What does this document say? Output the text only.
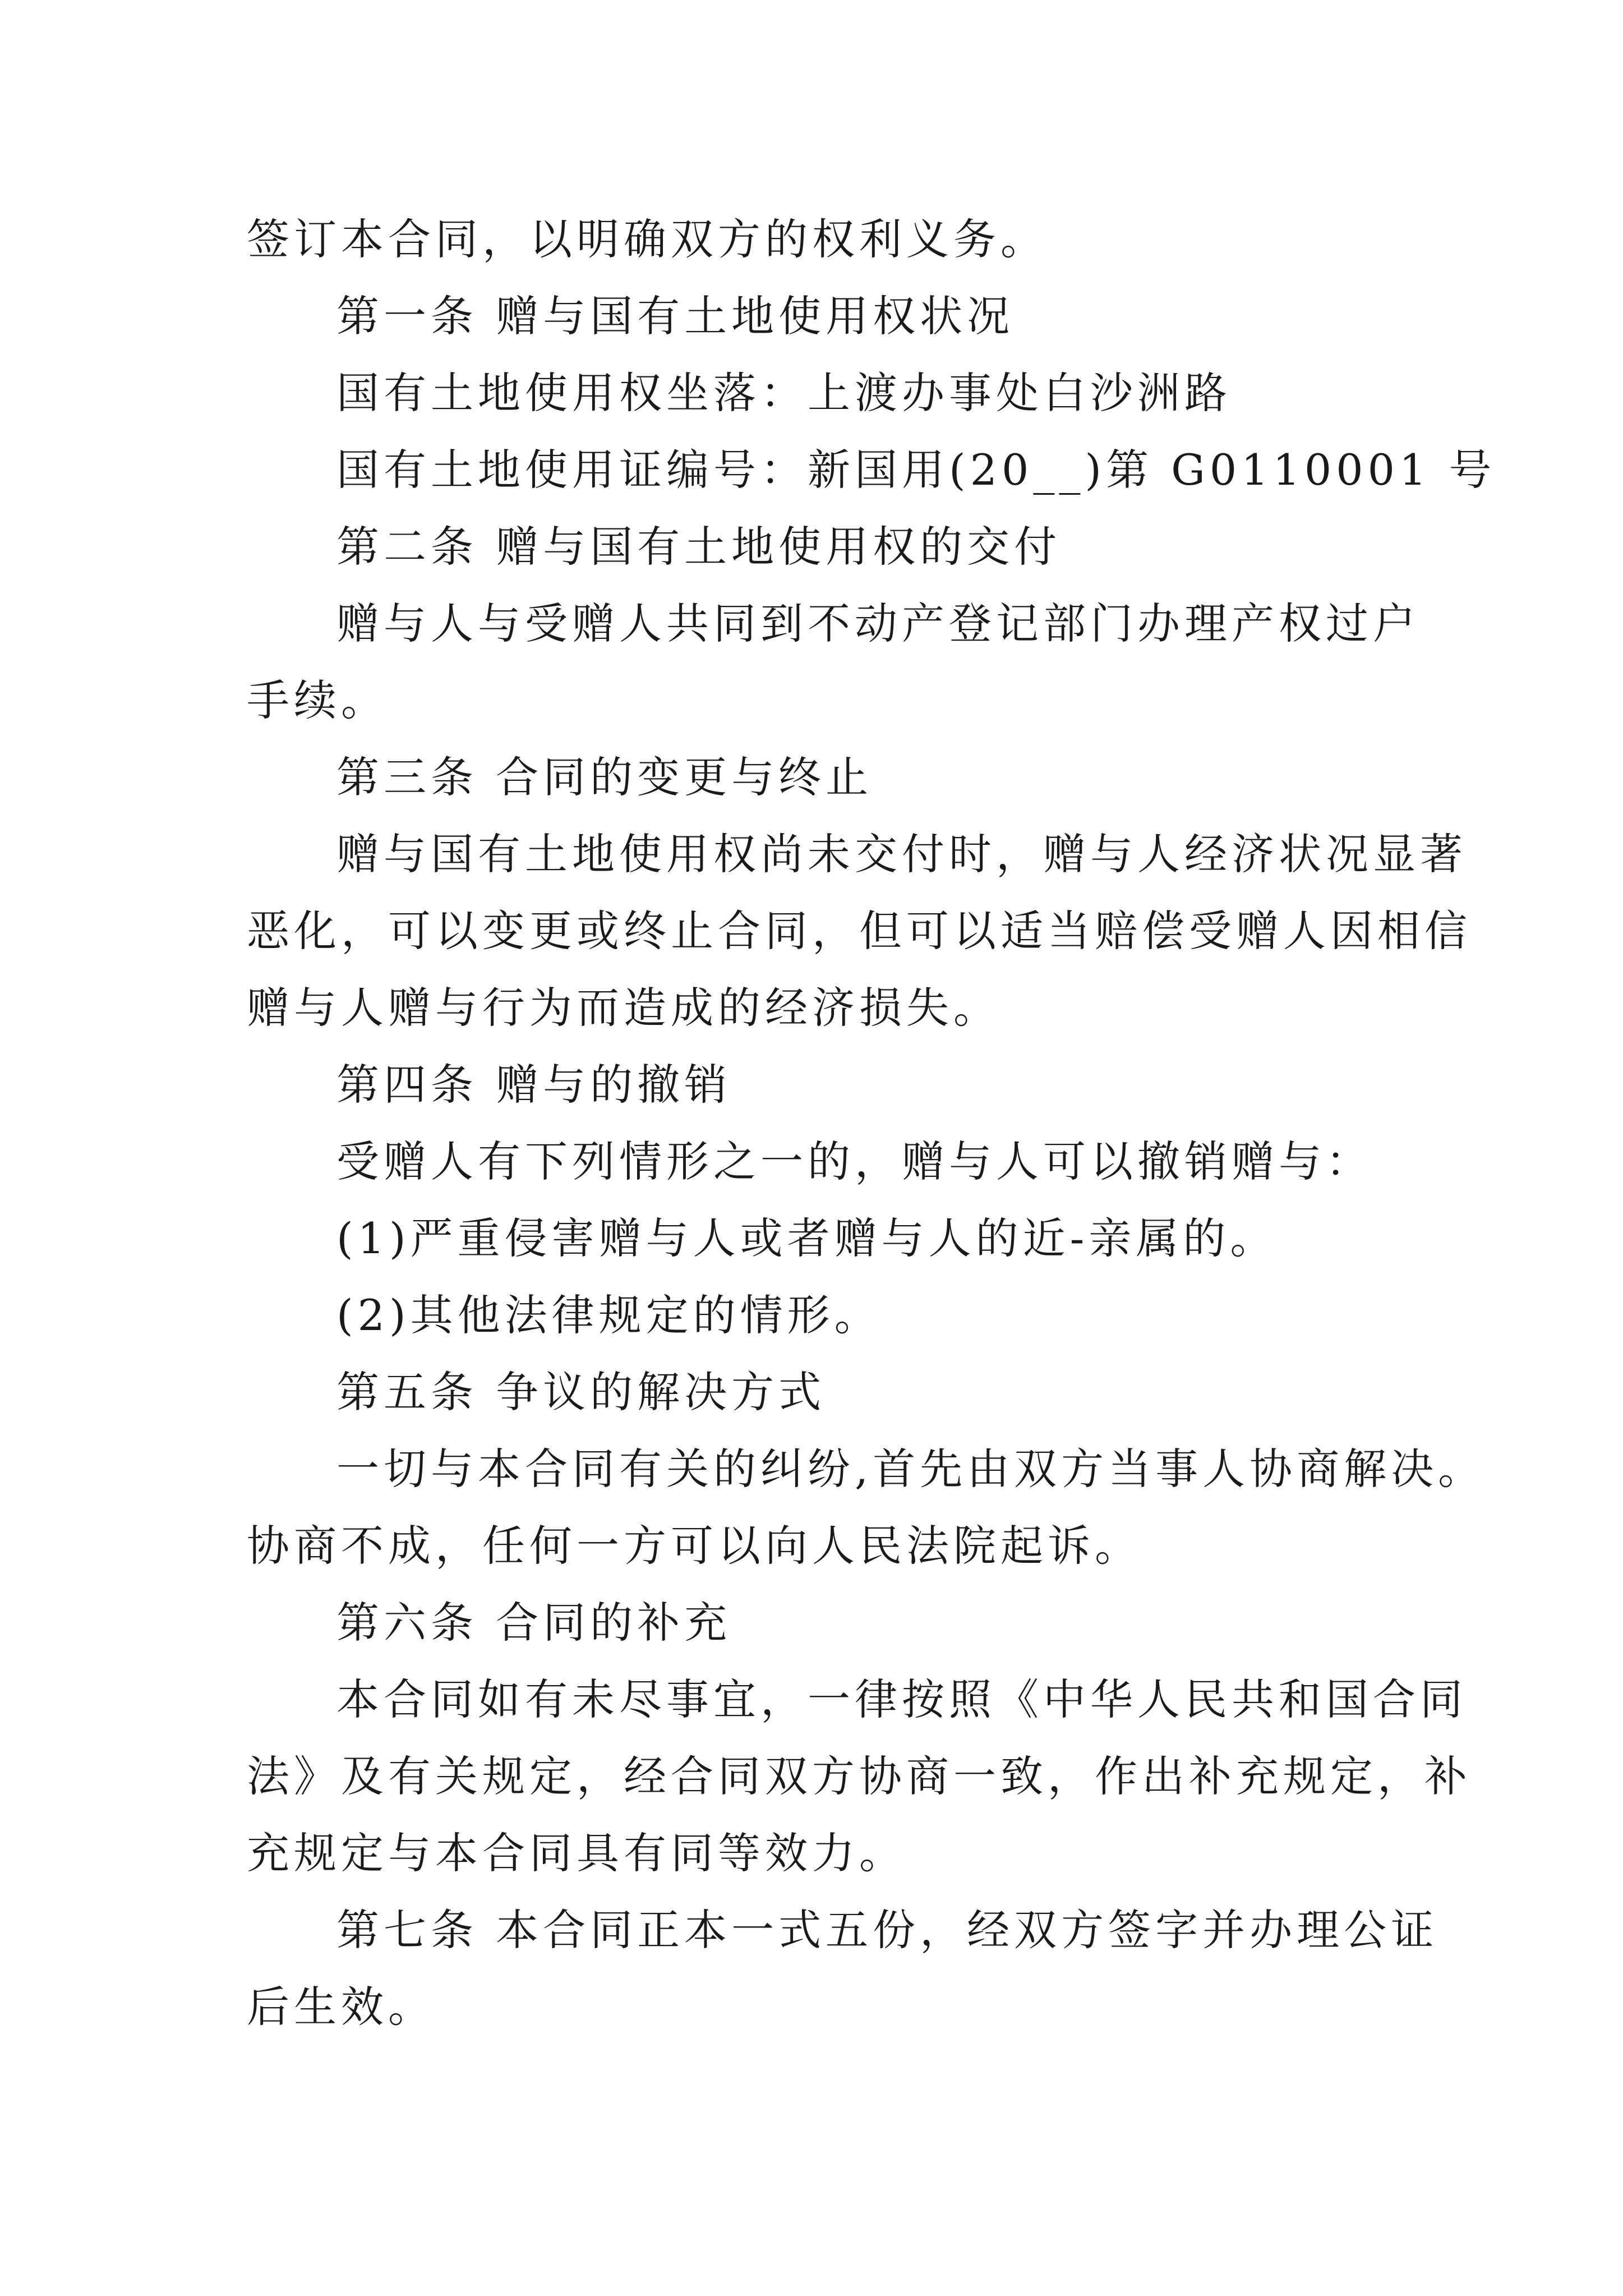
签订本合同，以明确双方的权利义务。
第一条 赠与国有土地使用权状况
国有土地使用权坐落：上渡办事处白沙洲路
国有土地使用证编号：新国用(20__)第 G0110001 号
第二条 赠与国有土地使用权的交付
赠与人与受赠人共同到不动产登记部门办理产权过户
手续。
第三条 合同的变更与终止
赠与国有土地使用权尚未交付时，赠与人经济状况显著
恶化，可以变更或终止合同，但可以适当赔偿受赠人因相信
赠与人赠与行为而造成的经济损失。
第四条 赠与的撤销
受赠人有下列情形之一的，赠与人可以撤销赠与：
(1)严重侵害赠与人或者赠与人的近-亲属的。
(2)其他法律规定的情形。
第五条 争议的解决方式
一切与本合同有关的纠纷,首先由双方当事人协商解决。
协商不成，任何一方可以向人民法院起诉。
第六条 合同的补充
本合同如有未尽事宜，一律按照《中华人民共和国合同
法》及有关规定，经合同双方协商一致，作出补充规定，补
充规定与本合同具有同等效力。
第七条 本合同正本一式五份，经双方签字并办理公证
后生效。
